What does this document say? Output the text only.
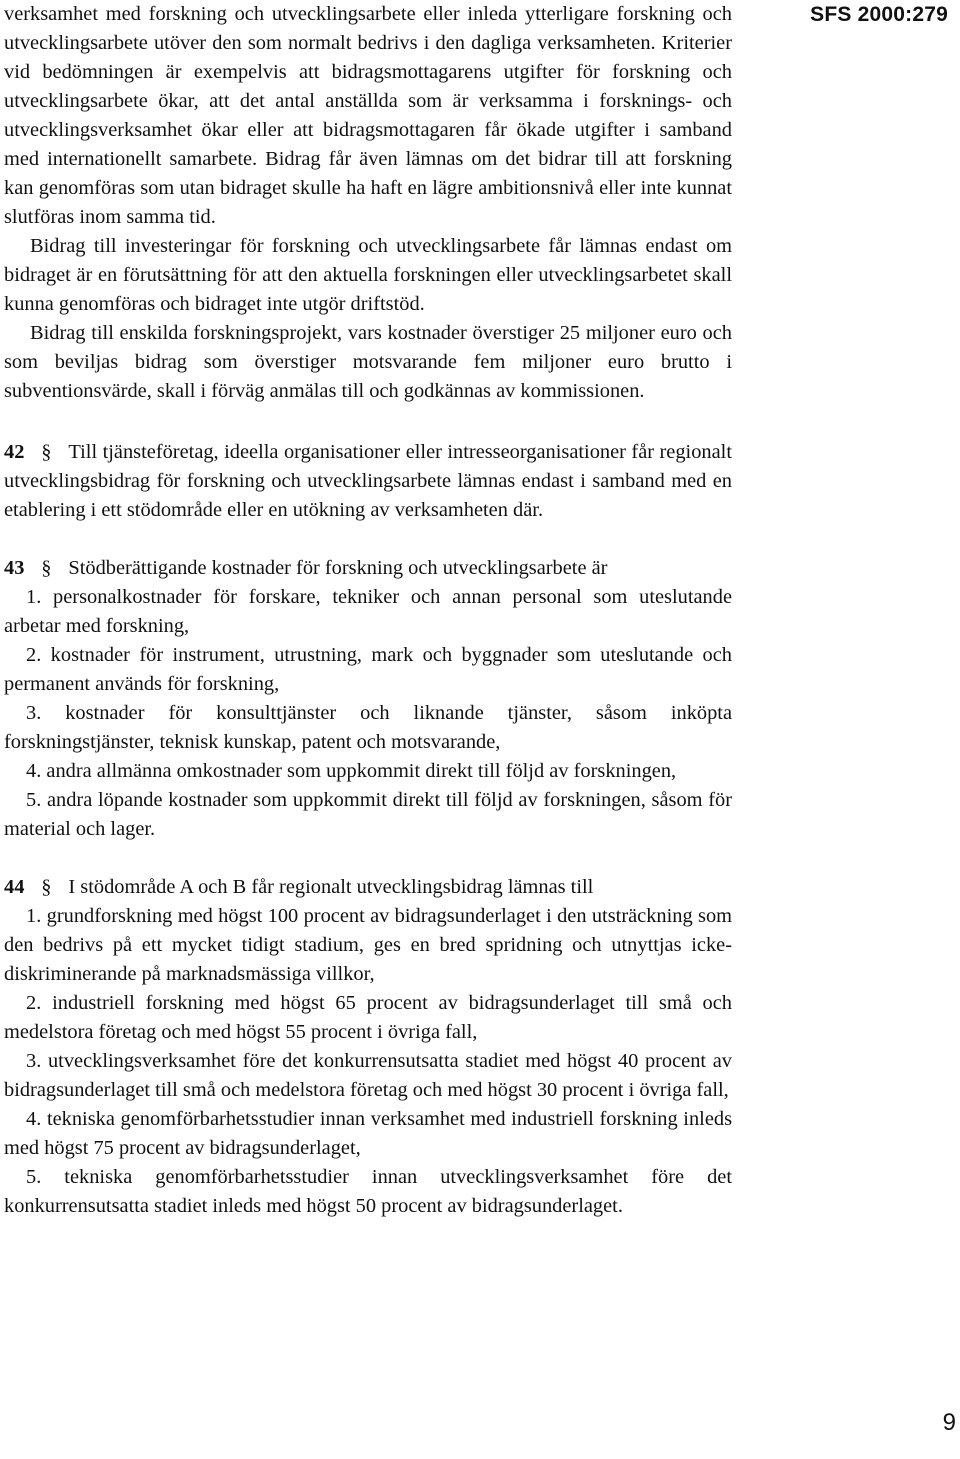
SFS 2000:279

verksamhet med forskning och utvecklingsarbete eller inleda ytterligare forskning och utvecklingsarbete utöver den som normalt bedrivs i den dagliga verksamheten. Kriterier vid bedömningen är exempelvis att bidragsmottagarens utgifter för forskning och utvecklingsarbete ökar, att det antal anställda som är verksamma i forsknings- och utvecklingsverksamhet ökar eller att bidragsmottagaren får ökade utgifter i samband med internationellt samarbete. Bidrag får även lämnas om det bidrar till att forskning kan genomföras som utan bidraget skulle ha haft en lägre ambitionsnivå eller inte kunnat slutföras inom samma tid.

Bidrag till investeringar för forskning och utvecklingsarbete får lämnas endast om bidraget är en förutsättning för att den aktuella forskningen eller utvecklingsarbetet skall kunna genomföras och bidraget inte utgör driftstöd.

Bidrag till enskilda forskningsprojekt, vars kostnader överstiger 25 miljoner euro och som beviljas bidrag som överstiger motsvarande fem miljoner euro brutto i subventionsvärde, skall i förväg anmälas till och godkännas av kommissionen.

42 § Till tjänsteföretag, ideella organisationer eller intresseorganisationer får regionalt utvecklingsbidrag för forskning och utvecklingsarbete lämnas endast i samband med en etablering i ett stödområde eller en utökning av verksamheten där.

43 § Stödberättigande kostnader för forskning och utvecklingsarbete är

1. personalkostnader för forskare, tekniker och annan personal som uteslutande arbetar med forskning,

2. kostnader för instrument, utrustning, mark och byggnader som uteslutande och permanent används för forskning,

3. kostnader för konsulttjänster och liknande tjänster, såsom inköpta forskningstjänster, teknisk kunskap, patent och motsvarande,

4. andra allmänna omkostnader som uppkommit direkt till följd av forskningen,

5. andra löpande kostnader som uppkommit direkt till följd av forskningen, såsom för material och lager.

44 § I stödområde A och B får regionalt utvecklingsbidrag lämnas till

1. grundforskning med högst 100 procent av bidragsunderlaget i den utsträckning som den bedrivs på ett mycket tidigt stadium, ges en bred spridning och utnyttjas icke-diskriminerande på marknadsmässiga villkor,

2. industriell forskning med högst 65 procent av bidragsunderlaget till små och medelstora företag och med högst 55 procent i övriga fall,

3. utvecklingsverksamhet före det konkurrensutsatta stadiet med högst 40 procent av bidragsunderlaget till små och medelstora företag och med högst 30 procent i övriga fall,

4. tekniska genomförbarhetsstudier innan verksamhet med industriell forskning inleds med högst 75 procent av bidragsunderlaget,

5. tekniska genomförbarhetsstudier innan utvecklingsverksamhet före det konkurrensutsatta stadiet inleds med högst 50 procent av bidragsunderlaget.

9
